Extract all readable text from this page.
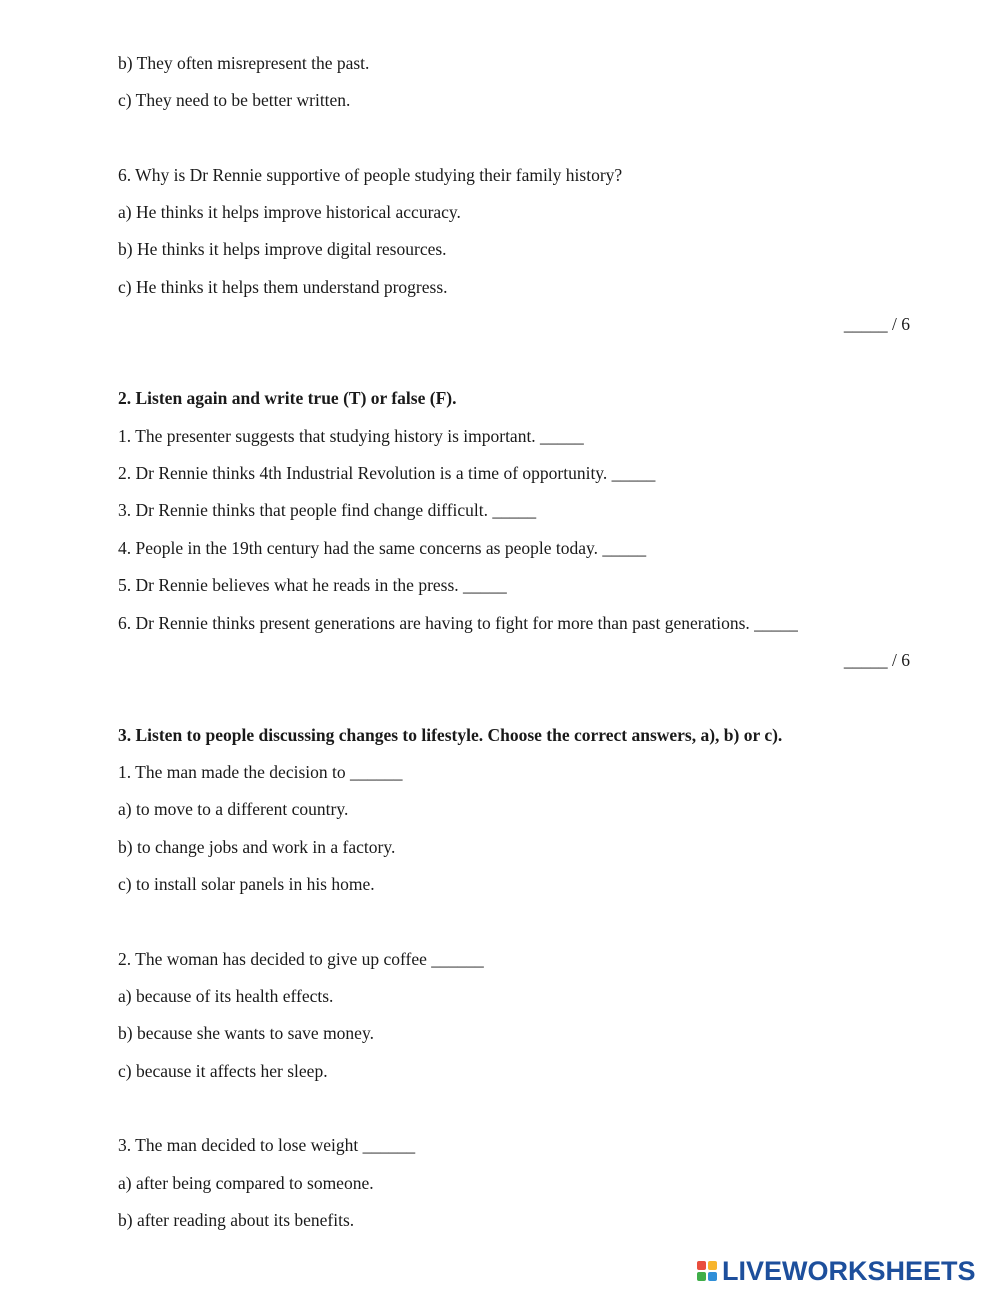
b) They often misrepresent the past.
c) They need to be better written.
6. Why is Dr Rennie supportive of people studying their family history?
a) He thinks it helps improve historical accuracy.
b) He thinks it helps improve digital resources.
c) He thinks it helps them understand progress.
_____ / 6
2. Listen again and write true (T) or false (F).
1. The presenter suggests that studying history is important. _____
2. Dr Rennie thinks 4th Industrial Revolution is a time of opportunity. _____
3. Dr Rennie thinks that people find change difficult. _____
4. People in the 19th century had the same concerns as people today. _____
5. Dr Rennie believes what he reads in the press. _____
6. Dr Rennie thinks present generations are having to fight for more than past generations. _____
_____ / 6
3. Listen to people discussing changes to lifestyle. Choose the correct answers, a), b) or c).
1. The man made the decision to ______
a) to move to a different country.
b) to change jobs and work in a factory.
c) to install solar panels in his home.
2. The woman has decided to give up coffee ______
a) because of its health effects.
b) because she wants to save money.
c) because it affects her sleep.
3. The man decided to lose weight ______
a) after being compared to someone.
b) after reading about its benefits.
LIVEWORKSHEETS
